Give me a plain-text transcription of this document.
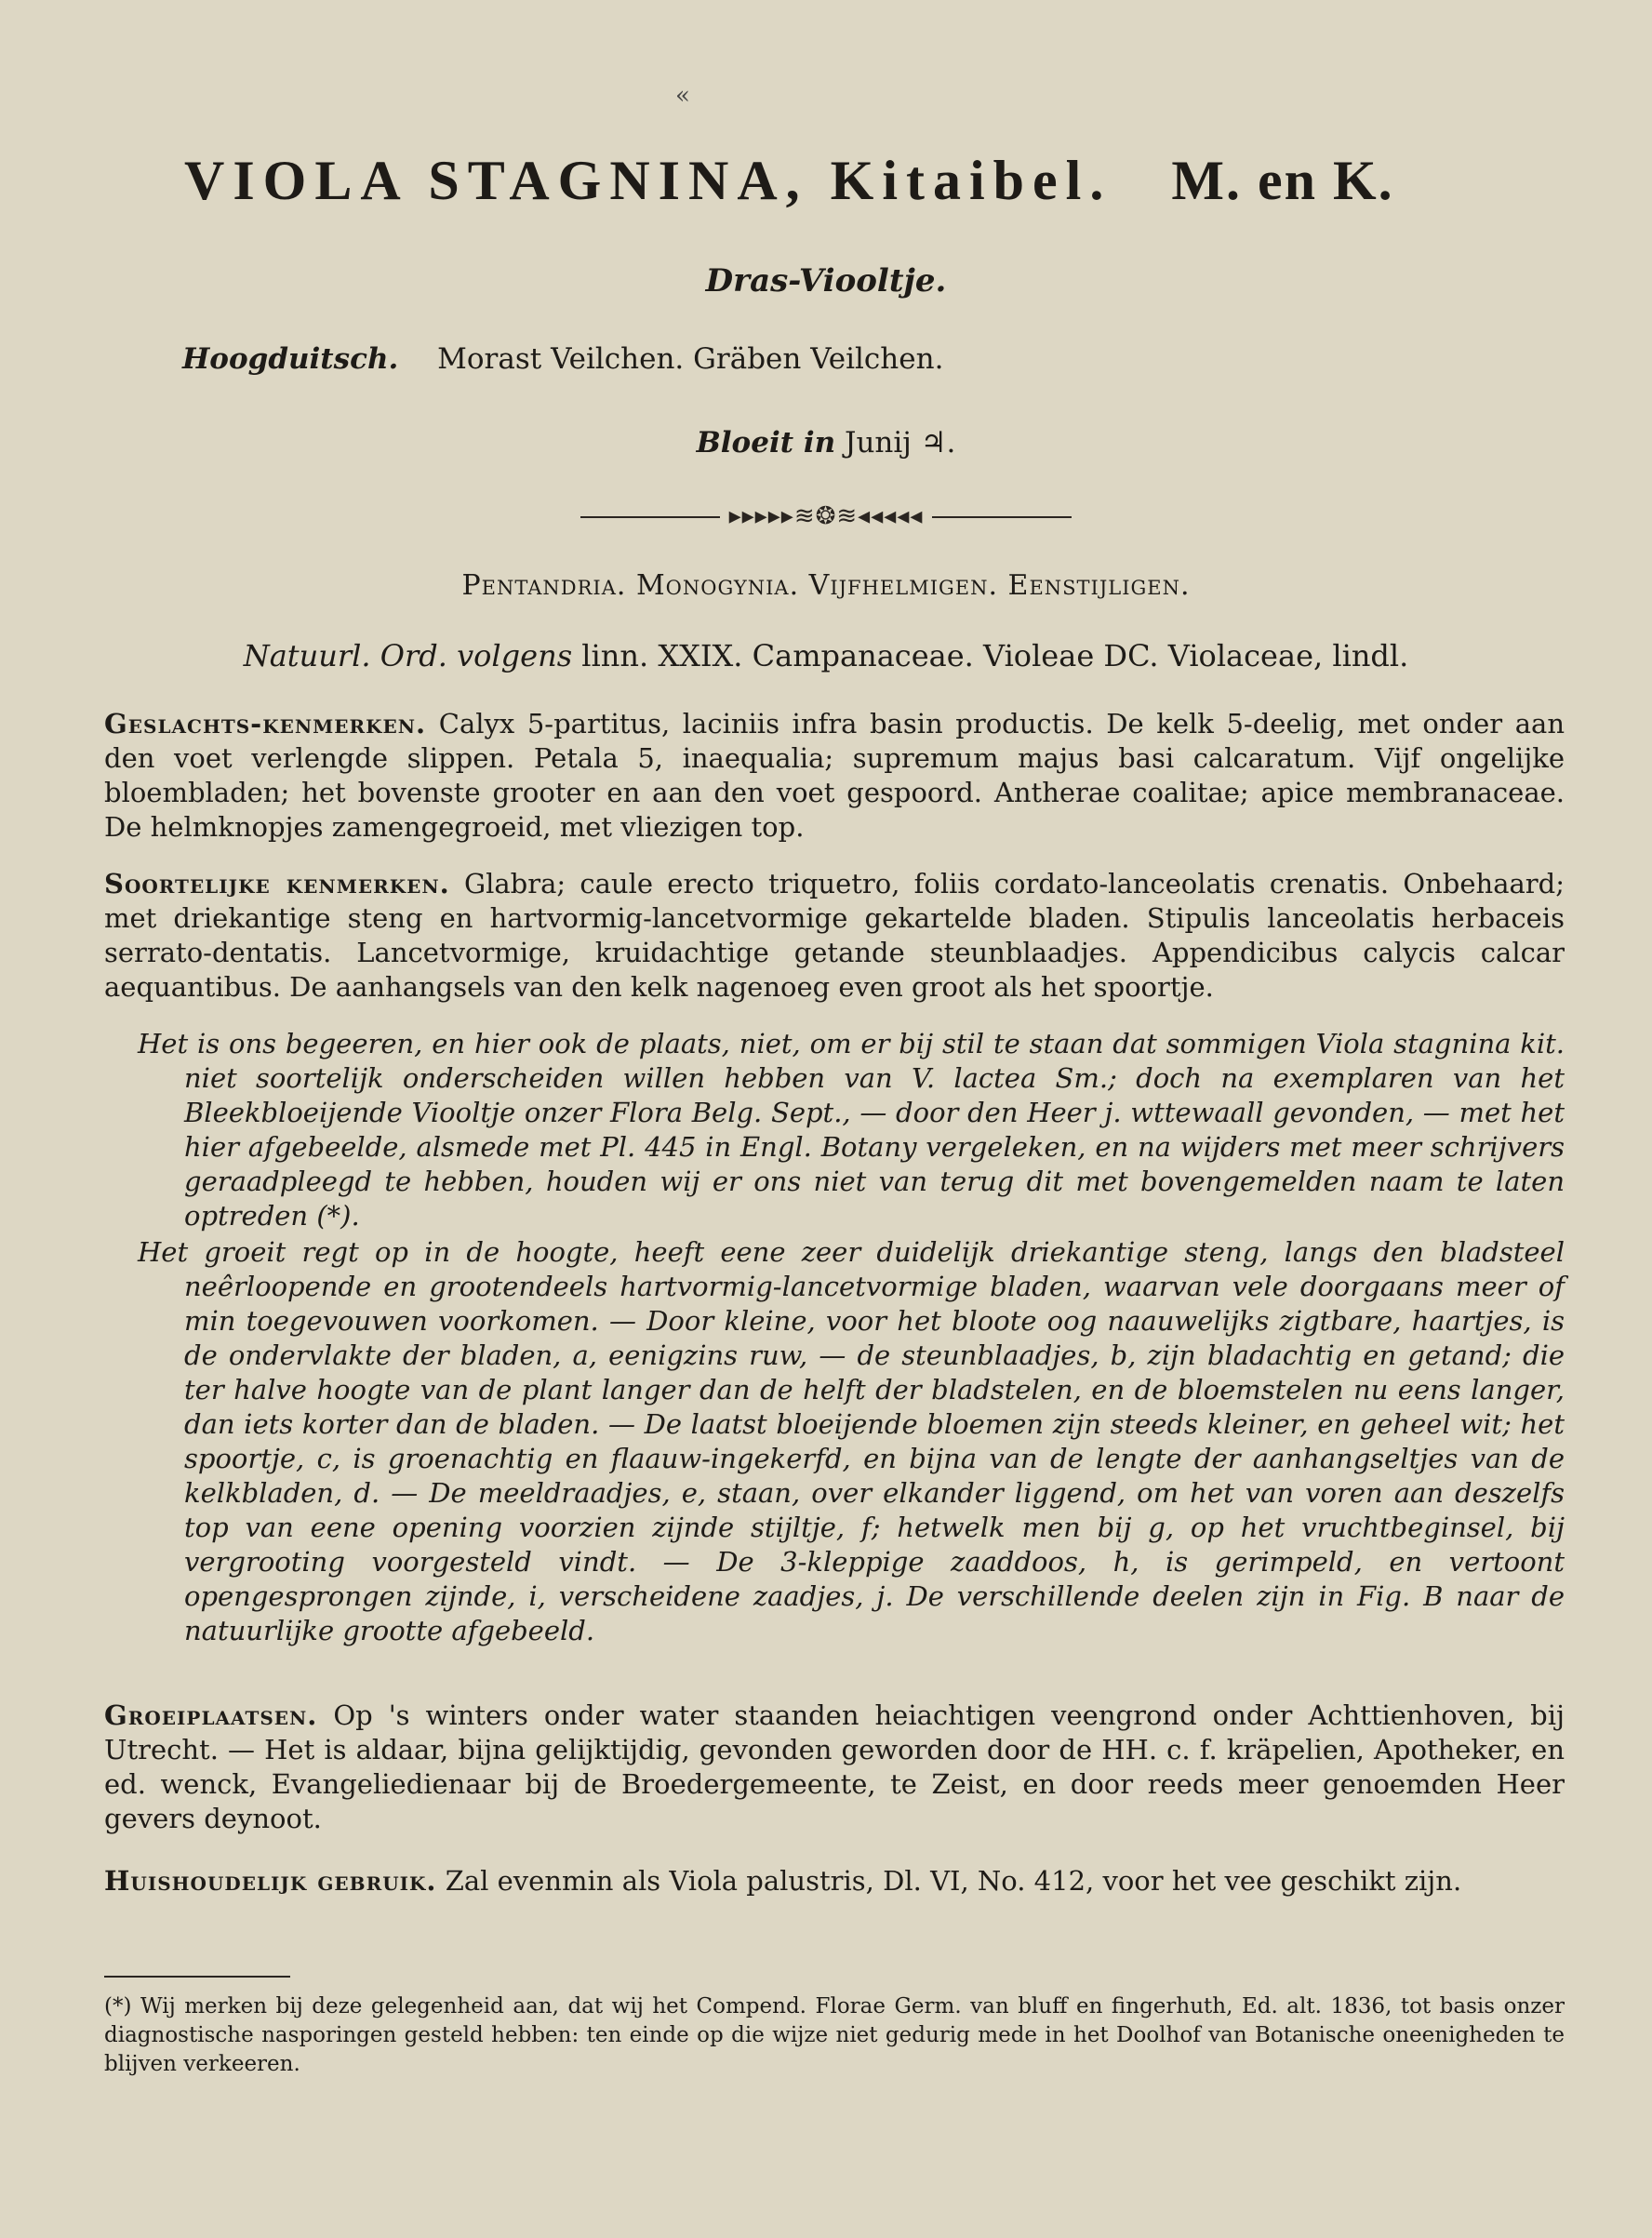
«
VIOLA STAGNINA, Kitaibel. M. en K.
Dras-Viooltje.
Hoogduitsch. Morast Veilchen. Gräben Veilchen.
Bloeit in Junij ♃.
▸▸▸▸▸≋❂≋◂◂◂◂◂
Pentandria. Monogynia. Vijfhelmigen. Eenstijligen.
Natuurl. Ord. volgens linn. XXIX. Campanaceae. Violeae DC. Violaceae, lindl.
Geslachts-kenmerken. Calyx 5-partitus, laciniis infra basin productis. De kelk 5-deelig, met onder aan den voet verlengde slippen. Petala 5, inaequalia; supremum majus basi calcaratum. Vijf ongelijke bloembladen; het bovenste grooter en aan den voet gespoord. Antherae coalitae; apice membranaceae. De helmknopjes zamengegroeid, met vliezigen top.
Soortelijke kenmerken. Glabra; caule erecto triquetro, foliis cordato-lanceolatis crenatis. Onbehaard; met driekantige steng en hartvormig-lancetvormige gekartelde bladen. Stipulis lanceolatis herbaceis serrato-dentatis. Lancetvormige, kruidachtige getande steunblaadjes. Appendicibus calycis calcar aequantibus. De aanhangsels van den kelk nagenoeg even groot als het spoortje.
Het is ons begeeren, en hier ook de plaats, niet, om er bij stil te staan dat sommigen Viola stagnina kit. niet soortelijk onderscheiden willen hebben van V. lactea Sm.; doch na exemplaren van het Bleekbloeijende Viooltje onzer Flora Belg. Sept., — door den Heer j. wttewaall gevonden, — met het hier afgebeelde, alsmede met Pl. 445 in Engl. Botany vergeleken, en na wijders met meer schrijvers geraadpleegd te hebben, houden wij er ons niet van terug dit met bovengemelden naam te laten optreden (*).
Het groeit regt op in de hoogte, heeft eene zeer duidelijk driekantige steng, langs den bladsteel neêrloopende en grootendeels hartvormig-lancetvormige bladen, waarvan vele doorgaans meer of min toegevouwen voorkomen. — Door kleine, voor het bloote oog naauwelijks zigtbare, haartjes, is de ondervlakte der bladen, a, eenigzins ruw, — de steunblaadjes, b, zijn bladachtig en getand; die ter halve hoogte van de plant langer dan de helft der bladstelen, en de bloemstelen nu eens langer, dan iets korter dan de bladen. — De laatst bloeijende bloemen zijn steeds kleiner, en geheel wit; het spoortje, c, is groenachtig en flaauw-ingekerfd, en bijna van de lengte der aanhangseltjes van de kelkbladen, d. — De meeldraadjes, e, staan, over elkander liggend, om het van voren aan deszelfs top van eene opening voorzien zijnde stijltje, f; hetwelk men bij g, op het vruchtbeginsel, bij vergrooting voorgesteld vindt. — De 3-kleppige zaaddoos, h, is gerimpeld, en vertoont opengesprongen zijnde, i, verscheidene zaadjes, j. De verschillende deelen zijn in Fig. B naar de natuurlijke grootte afgebeeld.
Groeiplaatsen. Op 's winters onder water staanden heiachtigen veengrond onder Achttienhoven, bij Utrecht. — Het is aldaar, bijna gelijktijdig, gevonden geworden door de HH. c. f. kräpelien, Apotheker, en ed. wenck, Evangeliedienaar bij de Broedergemeente, te Zeist, en door reeds meer genoemden Heer gevers deynoot.
Huishoudelijk gebruik. Zal evenmin als Viola palustris, Dl. VI, No. 412, voor het vee geschikt zijn.
(*) Wij merken bij deze gelegenheid aan, dat wij het Compend. Florae Germ. van bluff en fingerhuth, Ed. alt. 1836, tot basis onzer diagnostische nasporingen gesteld hebben: ten einde op die wijze niet gedurig mede in het Doolhof van Botanische oneenigheden te blijven verkeeren.
